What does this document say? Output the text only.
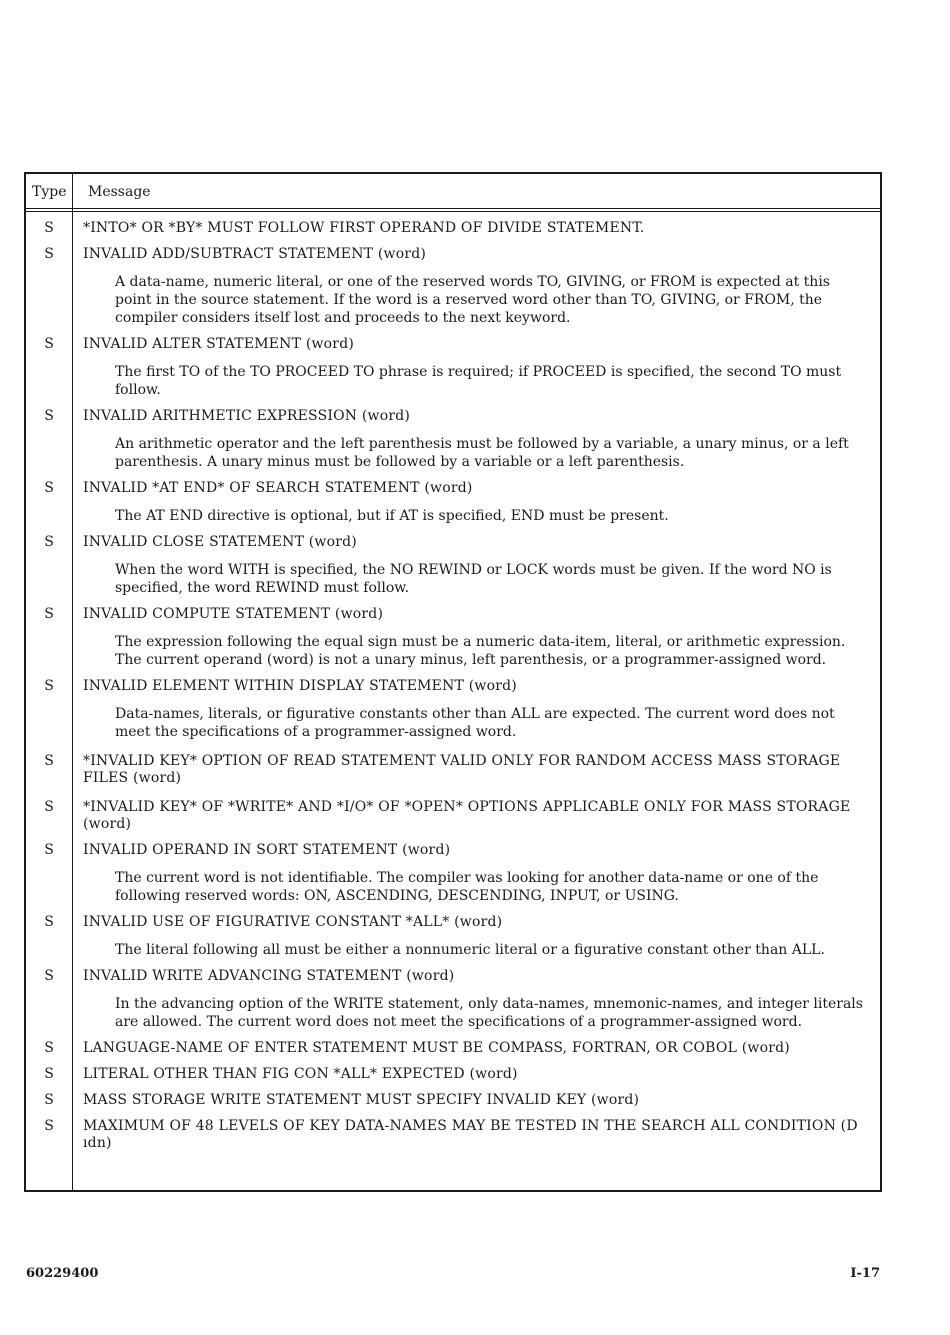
Type Message
S	*INTO* OR *BY* MUST FOLLOW FIRST OPERAND OF DIVIDE STATEMENT.
S	INVALID ADD/SUBTRACT STATEMENT (word)
A data-name, numeric literal, or one of the reserved words TO, GIVING, or FROM is expected at this point in the source statement. If the word is a reserved word other than TO, GIVING, or FROM, the compiler considers itself lost and proceeds to the next keyword.
S	INVALID ALTER STATEMENT (word)
The first TO of the TO PROCEED TO phrase is required; if PROCEED is specified, the second TO must follow.
S	INVALID ARITHMETIC EXPRESSION (word)
An arithmetic operator and the left parenthesis must be followed by a variable, a unary minus, or a left parenthesis. A unary minus must be followed by a variable or a left parenthesis.
S	INVALID *AT END* OF SEARCH STATEMENT (word)
The AT END directive is optional, but if AT is specified, END must be present.
S	INVALID CLOSE STATEMENT (word)
When the word WITH is specified, the NO REWIND or LOCK words must be given. If the word NO is specified, the word REWIND must follow.
S	INVALID COMPUTE STATEMENT (word)
The expression following the equal sign must be a numeric data-item, literal, or arithmetic expression. The current operand (word) is not a unary minus, left parenthesis, or a programmer-assigned word.
S	INVALID ELEMENT WITHIN DISPLAY STATEMENT (word)
Data-names, literals, or figurative constants other than ALL are expected. The current word does not meet the specifications of a programmer-assigned word.
S	*INVALID KEY* OPTION OF READ STATEMENT VALID ONLY FOR RANDOM ACCESS MASS STORAGE FILES (word)
S	*INVALID KEY* OF *WRITE* AND *I/O* OF *OPEN* OPTIONS APPLICABLE ONLY FOR MASS STORAGE (word)
S	INVALID OPERAND IN SORT STATEMENT (word)
The current word is not identifiable. The compiler was looking for another data-name or one of the following reserved words: ON, ASCENDING, DESCENDING, INPUT, or USING.
S	INVALID USE OF FIGURATIVE CONSTANT *ALL* (word)
The literal following all must be either a nonnumeric literal or a figurative constant other than ALL.
S	INVALID WRITE ADVANCING STATEMENT (word)
In the advancing option of the WRITE statement, only data-names, mnemonic-names, and integer literals are allowed. The current word does not meet the specifications of a programmer-assigned word.
S	LANGUAGE-NAME OF ENTER STATEMENT MUST BE COMPASS, FORTRAN, OR COBOL (word)
S	LITERAL OTHER THAN FIG CON *ALL* EXPECTED (word)
S	MASS STORAGE WRITE STATEMENT MUST SPECIFY INVALID KEY (word)
S	MAXIMUM OF 48 LEVELS OF KEY DATA-NAMES MAY BE TESTED IN THE SEARCH ALL CONDITION (D ıdn)
60229400	I-17
